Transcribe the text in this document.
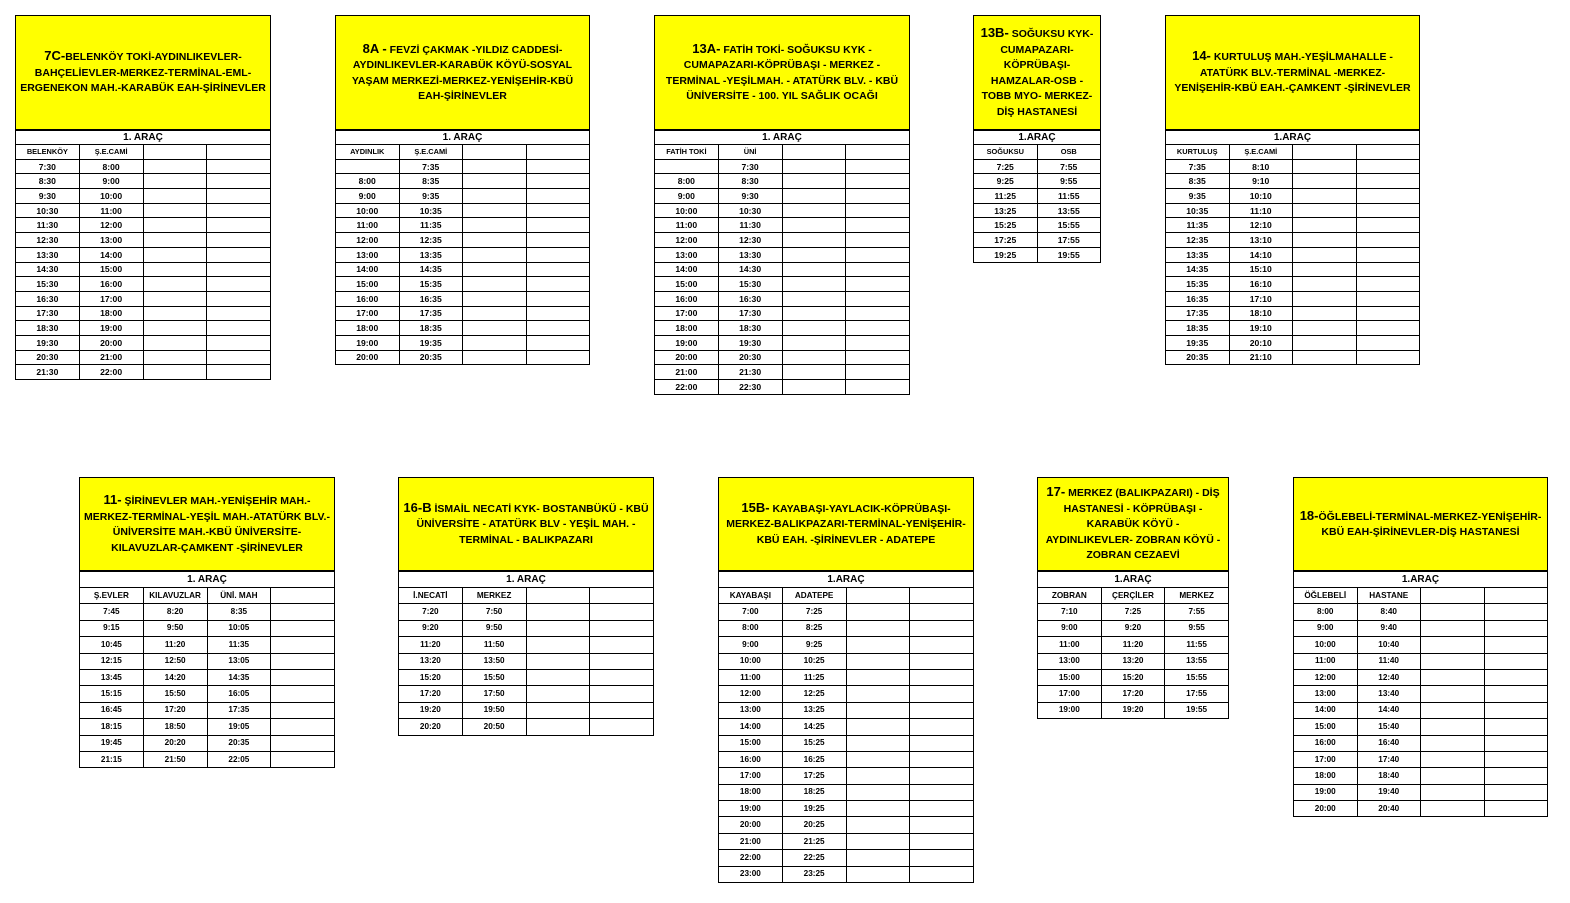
7C-BELENKÖY TOKİ-AYDINLIKEVLER-BAHÇELİEVLER-MERKEZ-TERMİNAL-EML-ERGENEKON MAH.-KARABÜK EAH-ŞİRİNEVLER
1. ARAÇ			
BELENKÖY	Ş.E.CAMİ		
7:30	8:00		
8:30	9:00		
9:30	10:00		
10:30	11:00		
11:30	12:00		
12:30	13:00		
13:30	14:00		
14:30	15:00		
15:30	16:00		
16:30	17:00		
17:30	18:00		
18:30	19:00		
19:30	20:00		
20:30	21:00		
21:30	22:00		
8A - FEVZİ ÇAKMAK -YILDIZ CADDESİ-AYDINLIKEVLER-KARABÜK KÖYÜ-SOSYAL YAŞAM MERKEZİ-MERKEZ-YENİŞEHİR-KBÜ EAH-ŞİRİNEVLER
1. ARAÇ			
AYDINLIK	Ş.E.CAMİ		
	7:35		
8:00	8:35		
9:00	9:35		
10:00	10:35		
11:00	11:35		
12:00	12:35		
13:00	13:35		
14:00	14:35		
15:00	15:35		
16:00	16:35		
17:00	17:35		
18:00	18:35		
19:00	19:35		
20:00	20:35		
13A- FATİH TOKİ- SOĞUKSU KYK -CUMAPAZARI-KÖPRÜBAŞI - MERKEZ - TERMİNAL -YEŞİLMAH. - ATATÜRK BLV. - KBÜ ÜNİVERSİTE - 100. YIL SAĞLIK OCAĞI
1. ARAÇ			
FATİH TOKİ	ÜNİ		
	7:30		
8:00	8:30		
9:00	9:30		
10:00	10:30		
11:00	11:30		
12:00	12:30		
13:00	13:30		
14:00	14:30		
15:00	15:30		
16:00	16:30		
17:00	17:30		
18:00	18:30		
19:00	19:30		
20:00	20:30		
21:00	21:30		
22:00	22:30		
13B- SOĞUKSU KYK-CUMAPAZARI-KÖPRÜBAŞI-HAMZALAR-OSB - TOBB MYO- MERKEZ-DİŞ HASTANESİ
1.ARAÇ	
SOĞUKSU	OSB
7:25	7:55
9:25	9:55
11:25	11:55
13:25	13:55
15:25	15:55
17:25	17:55
19:25	19:55
14- KURTULUŞ MAH.-YEŞİLMAHALLE -ATATÜRK BLV.-TERMİNAL -MERKEZ-YENİŞEHİR-KBÜ EAH.-ÇAMKENT -ŞİRİNEVLER
1.ARAÇ			
KURTULUŞ	Ş.E.CAMİ		
7:35	8:10		
8:35	9:10		
9:35	10:10		
10:35	11:10		
11:35	12:10		
12:35	13:10		
13:35	14:10		
14:35	15:10		
15:35	16:10		
16:35	17:10		
17:35	18:10		
18:35	19:10		
19:35	20:10		
20:35	21:10		
11- ŞİRİNEVLER MAH.-YENİŞEHİR MAH.-MERKEZ-TERMİNAL-YEŞİL MAH.-ATATÜRK BLV.-ÜNİVERSİTE MAH.-KBÜ ÜNİVERSİTE-KILAVUZLAR-ÇAMKENT -ŞİRİNEVLER
1. ARAÇ			
Ş.EVLER	KILAVUZLAR	ÜNİ. MAH	
7:45	8:20	8:35	
9:15	9:50	10:05	
10:45	11:20	11:35	
12:15	12:50	13:05	
13:45	14:20	14:35	
15:15	15:50	16:05	
16:45	17:20	17:35	
18:15	18:50	19:05	
19:45	20:20	20:35	
21:15	21:50	22:05	
16-B İSMAİL NECATİ KYK- BOSTANBÜKÜ - KBÜ ÜNİVERSİTE - ATATÜRK BLV - YEŞİL MAH. - TERMİNAL - BALIKPAZARI
1. ARAÇ			
İ.NECATİ	MERKEZ		
7:20	7:50		
9:20	9:50		
11:20	11:50		
13:20	13:50		
15:20	15:50		
17:20	17:50		
19:20	19:50		
20:20	20:50		
15B- KAYABAŞI-YAYLACIK-KÖPRÜBAŞI-MERKEZ-BALIKPAZARI-TERMİNAL-YENİŞEHİR- KBÜ EAH. -ŞİRİNEVLER - ADATEPE
1.ARAÇ			
KAYABAŞI	ADATEPE		
7:00	7:25		
8:00	8:25		
9:00	9:25		
10:00	10:25		
11:00	11:25		
12:00	12:25		
13:00	13:25		
14:00	14:25		
15:00	15:25		
16:00	16:25		
17:00	17:25		
18:00	18:25		
19:00	19:25		
20:00	20:25		
21:00	21:25		
22:00	22:25		
23:00	23:25		
17- MERKEZ (BALIKPAZARI) - DİŞ HASTANESİ - KÖPRÜBAŞI - KARABÜK KÖYÜ - AYDINLIKEVLER- ZOBRAN KÖYÜ - ZOBRAN CEZAEVİ
1.ARAÇ		
ZOBRAN	ÇERÇİLER	MERKEZ
7:10	7:25	7:55
9:00	9:20	9:55
11:00	11:20	11:55
13:00	13:20	13:55
15:00	15:20	15:55
17:00	17:20	17:55
19:00	19:20	19:55
18-ÖĞLEBELİ-TERMİNAL-MERKEZ-YENİŞEHİR-KBÜ EAH-ŞİRİNEVLER-DİŞ HASTANESİ
1.ARAÇ			
ÖĞLEBELİ	HASTANE		
8:00	8:40		
9:00	9:40		
10:00	10:40		
11:00	11:40		
12:00	12:40		
13:00	13:40		
14:00	14:40		
15:00	15:40		
16:00	16:40		
17:00	17:40		
18:00	18:40		
19:00	19:40		
20:00	20:40		
